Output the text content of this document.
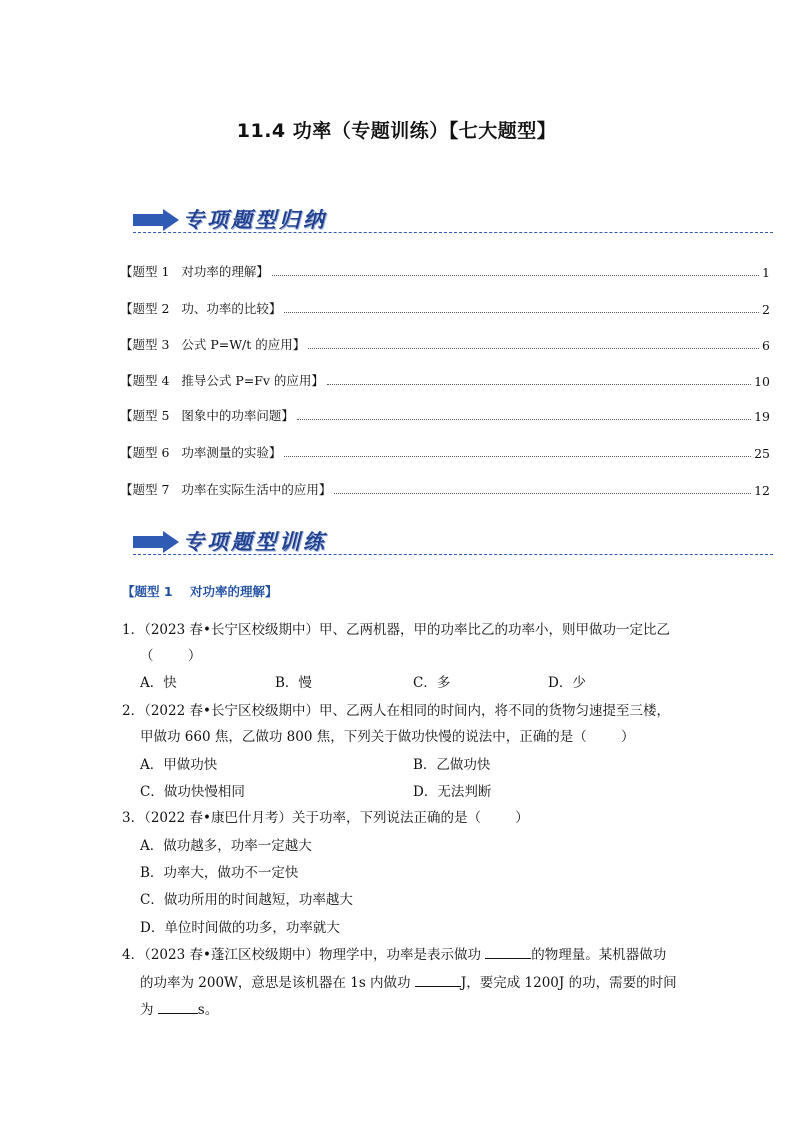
11.4 功率（专题训练）【七大题型】
专项题型归纳
【题型 1   对功率的理解】	1
【题型 2   功、功率的比较】	2
【题型 3   公式 P=W/t 的应用】	6
【题型 4   推导公式 P=Fv 的应用】	10
【题型 5   图象中的功率问题】	19
【题型 6   功率测量的实验】	25
【题型 7   功率在实际生活中的应用】	12
专项题型训练
【题型 1    对功率的理解】
1．（2023 春•长宁区校级期中）甲、乙两机器，甲的功率比乙的功率小，则甲做功一定比乙
（        ）
A．快	B．慢	C．多	D．少
2．（2022 春•长宁区校级期中）甲、乙两人在相同的时间内，将不同的货物匀速提至三楼，
甲做功 660 焦，乙做功 800 焦，下列关于做功快慢的说法中，正确的是（        ）
A．甲做功快	B．乙做功快
C．做功快慢相同	D．无法判断
3．（2022 春•康巴什月考）关于功率，下列说法正确的是（        ）
A．做功越多，功率一定越大
B．功率大，做功不一定快
C．做功所用的时间越短，功率越大
D．单位时间做的功多，功率就大
4．（2023 春•蓬江区校级期中）物理学中，功率是表示做功	的物理量。某机器做功
的功率为 200W，意思是该机器在 1s 内做功	J，要完成 1200J 的功，需要的时间
为	s。
